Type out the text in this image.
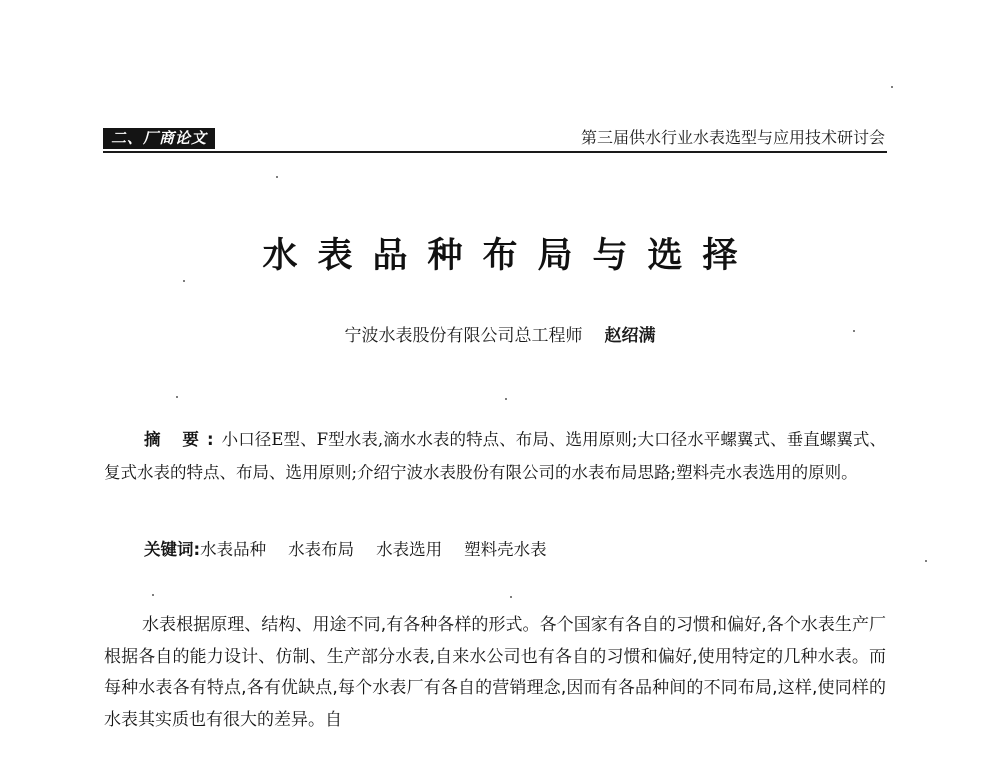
二、厂商论文	第三届供水行业水表选型与应用技术研讨会
水表品种布局与选择
宁波水表股份有限公司总工程师 赵绍满

摘 要:小口径E型、F型水表,滴水水表的特点、布局、选用原则;大口径水平螺翼式、垂直螺翼式、复式水表的特点、布局、选用原则;介绍宁波水表股份有限公司的水表布局思路;塑料壳水表选用的原则。

关键词:水表品种 水表布局 水表选用 塑料壳水表

水表根据原理、结构、用途不同,有各种各样的形式。各个国家有各自的习惯和偏好,各个水表生产厂根据各自的能力设计、仿制、生产部分水表,自来水公司也有各自的习惯和偏好,使用特定的几种水表。而每种水表各有特点,各有优缺点,每个水表厂有各自的营销理念,因而有各品种间的不同布局,这样,使同样的水表其实质也有很大的差异。自
